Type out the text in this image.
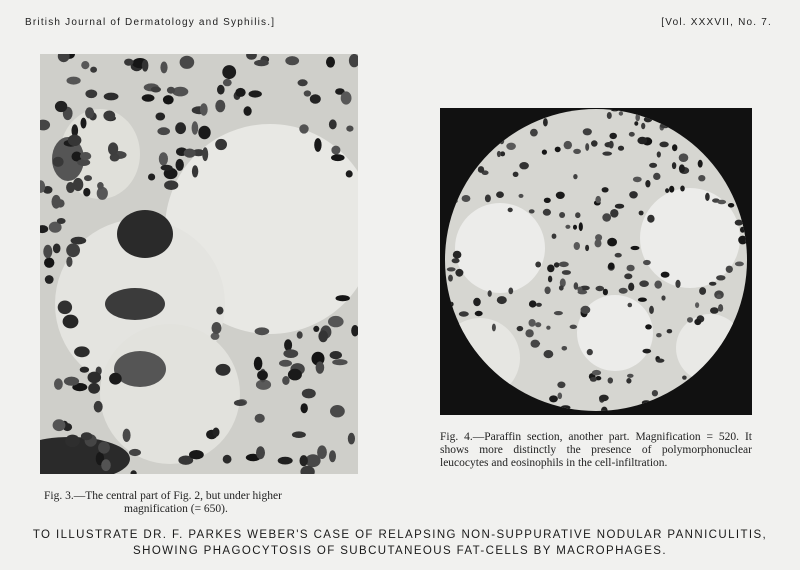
British Journal of Dermatology and Syphilis.]	[Vol. XXXVII, No. 7.
Fig. 3.—The central part of Fig. 2, but under higher
magnification (= 650).
Fig. 4.—Paraffin section, another part. Magnification = 520. It shows more distinctly the presence of polymorphonuclear leucocytes and eosinophils in the cell-infiltration.
TO ILLUSTRATE DR. F. PARKES WEBER'S CASE OF RELAPSING NON-SUPPURATIVE NODULAR PANNICULITIS,
SHOWING PHAGOCYTOSIS OF SUBCUTANEOUS FAT-CELLS BY MACROPHAGES.
